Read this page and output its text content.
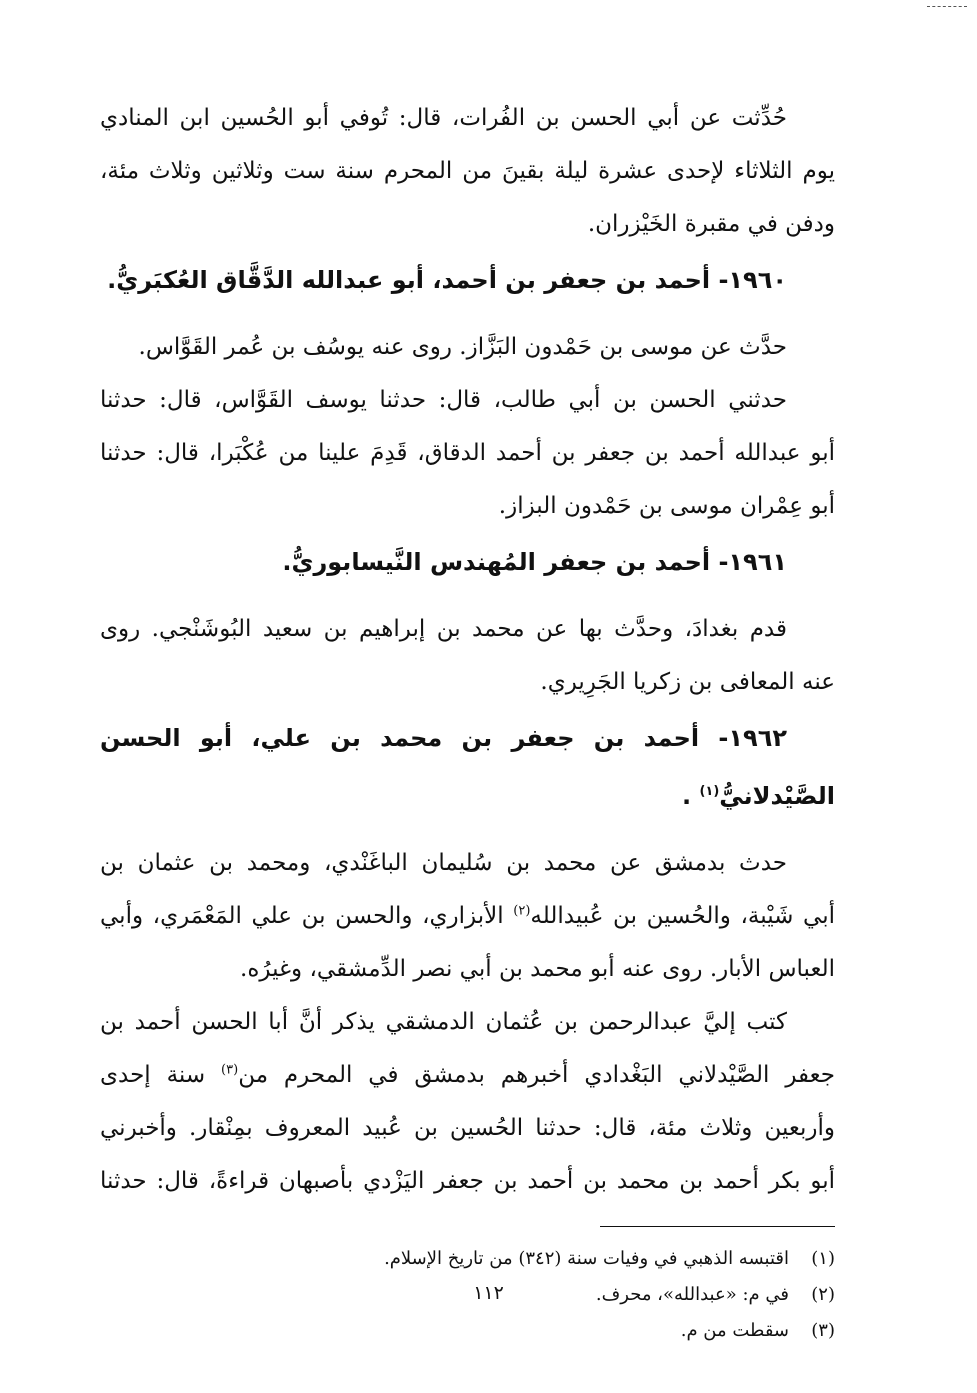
حُدِّثت عن أبي الحسن بن الفُرات، قال: تُوفي أبو الحُسين ابن المنادي
يوم الثلاثاء لإحدى عشرة ليلة بقينَ من المحرم سنة ست وثلاثين وثلاث مئة،
ودفن في مقبرة الخَيْزران.
١٩٦٠- أحمد بن جعفر بن أحمد، أبو عبدالله الدَّقَّاق العُكبَريُّ.
حدَّث عن موسى بن حَمْدون البَزَّاز. روى عنه يوسُف بن عُمر القَوَّاس.
حدثني الحسن بن أبي طالب، قال: حدثنا يوسف القَوَّاس، قال: حدثنا
أبو عبدالله أحمد بن جعفر بن أحمد الدقاق، قَدِمَ علينا من عُكْبَرا، قال: حدثنا
أبو عِمْران موسى بن حَمْدون البزاز.
١٩٦١- أحمد بن جعفر المُهندس النَّيسابوريُّ.
قدم بغدادَ، وحدَّث بها عن محمد بن إبراهيم بن سعيد البُوشَنْجي. روى
عنه المعافى بن زكريا الجَرِيري.
١٩٦٢- أحمد بن جعفر بن محمد بن علي، أبو الحسن
الصَّيْدلانيُّ$^{(١)}$ .
حدث بدمشق عن محمد بن سُليمان الباغَنْدي، ومحمد بن عثمان بن
أبي شَيْبة، والحُسين بن عُبيدالله$^{(٢)}$ الأبزاري، والحسن بن علي المَعْمَري، وأبي
العباس الأبار. روى عنه أبو محمد بن أبي نصر الدِّمشقي، وغيرُه.
كتب إليَّ عبدالرحمن بن عُثمان الدمشقي يذكر أنَّ أبا الحسن أحمد بن
جعفر الصَّيْدلاني البَغْدادي أخبرهم بدمشق في المحرم من$^{(٣)}$ سنة إحدى
وأربعين وثلاث مئة، قال: حدثنا الحُسين بن عُبيد المعروف بمِنْقار. وأخبرني
أبو بكر أحمد بن محمد بن أحمد بن جعفر اليَزْدي بأصبهان قراءةً، قال: حدثنا
(١)اقتبسه الذهبي في وفيات سنة (٣٤٢) من تاريخ الإسلام.
(٢)في م: «عبدالله»، محرف.
(٣)سقطت من م.
١١٢
